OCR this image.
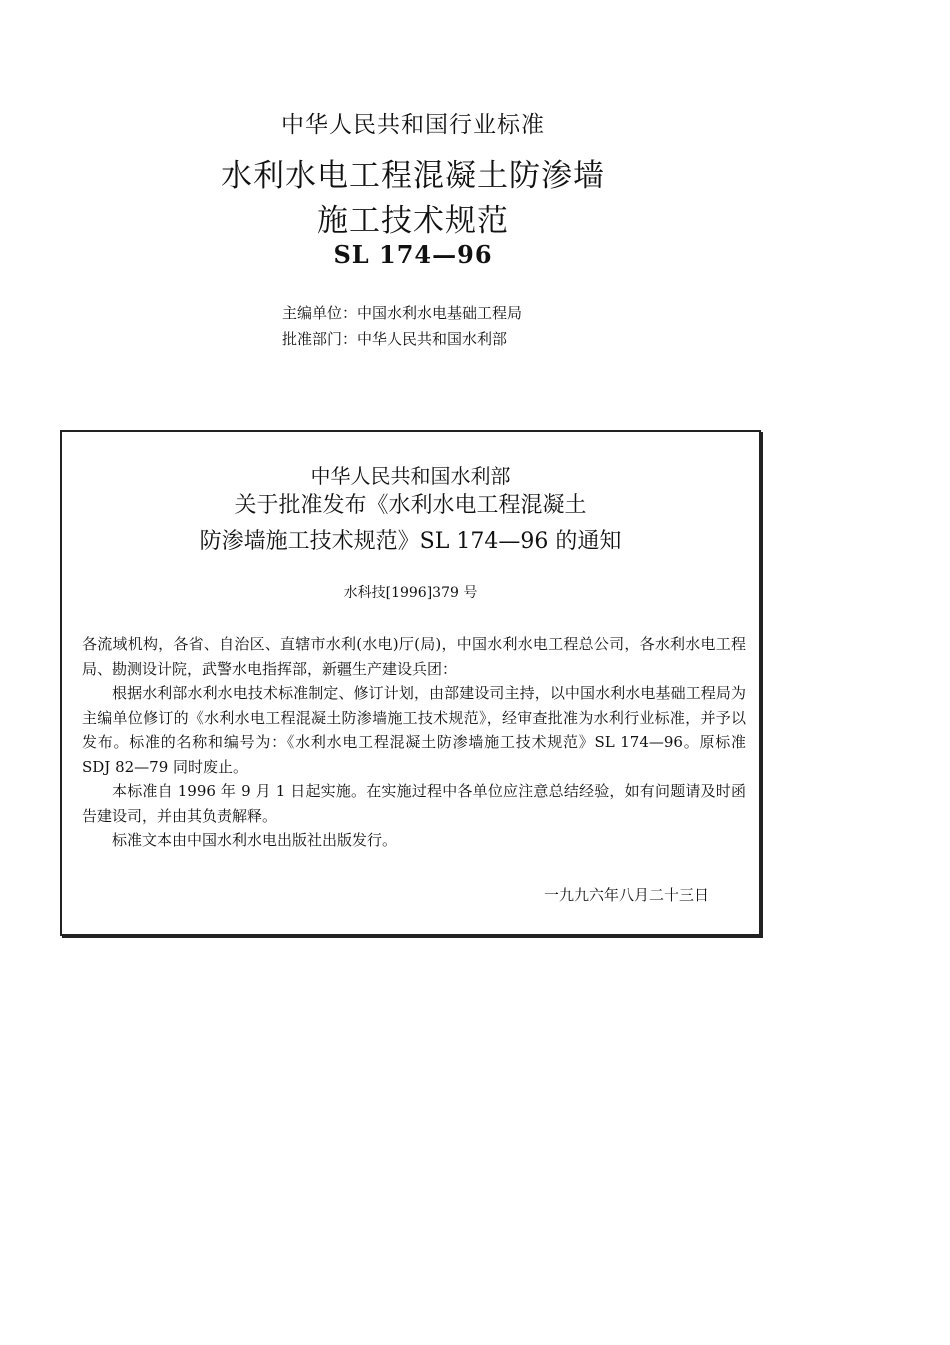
中华人民共和国行业标准
水利水电工程混凝土防渗墙
施工技术规范
SL 174—96
主编单位：中国水利水电基础工程局
批准部门：中华人民共和国水利部
中华人民共和国水利部
关于批准发布《水利水电工程混凝土
防渗墙施工技术规范》SL 174—96 的通知
水科技[1996]379 号

各流域机构，各省、自治区、直辖市水利(水电)厅(局)，中国水利水电工程总公司，各水利水电工程局、勘测设计院，武警水电指挥部，新疆生产建设兵团：

根据水利部水利水电技术标准制定、修订计划，由部建设司主持，以中国水利水电基础工程局为主编单位修订的《水利水电工程混凝土防渗墙施工技术规范》，经审查批准为水利行业标准，并予以发布。标准的名称和编号为：《水利水电工程混凝土防渗墙施工技术规范》SL 174—96。原标准 SDJ 82—79 同时废止。

本标准自 1996 年 9 月 1 日起实施。在实施过程中各单位应注意总结经验，如有问题请及时函告建设司，并由其负责解释。

标准文本由中国水利水电出版社出版发行。

一九九六年八月二十三日
